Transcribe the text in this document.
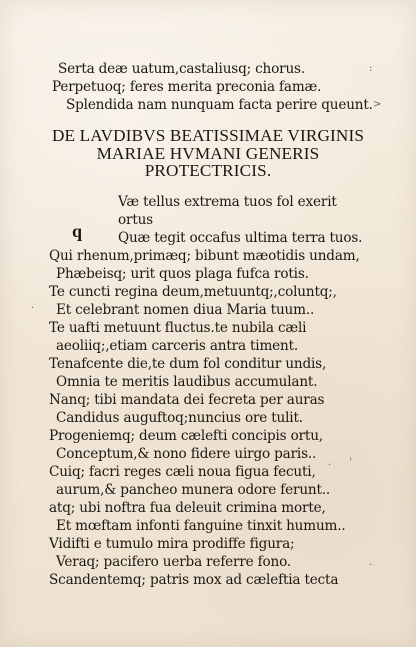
Serta deæ uatum,castaliusq; chorus.
Perpetuoq; feres merita preconia famæ.
Splendida nam nunquam facta perire queunt.
DE LAVDIBVS BEATISSIMAE VIRGINIS
MARIAE HVMANI GENERIS
PROTECTRICIS.
q
Væ tellus extrema tuos fol exerit
ortus
Quæ tegit occafus ultima terra tuos.
Qui rhenum,primæq; bibunt mæotidis undam,
Phæbeisq; urit quos plaga fufca rotis.
Te cuncti regina deum,metuuntq;,coluntq;,
Et celebrant nomen diua Maria tuum..
Te uafti metuunt fluctus.te nubila cæli
aeoliiq;,etiam carceris antra timent.
Tenafcente die,te dum fol conditur undis,
Omnia te meritis laudibus accumulant.
Nanq; tibi mandata dei fecreta per auras
Candidus auguftoq;nuncius ore tulit.
Progeniemq; deum cælefti concipis ortu,
Conceptum,& nono fidere uirgo paris..
Cuiq; facri reges cæli noua figua fecuti,
aurum,& pancheo munera odore ferunt..
atq; ubi noftra fua deleuit crimina morte,
Et mœftam infonti fanguine tinxit humum..
Vidifti e tumulo mira prodiffe figura;
Veraq; pacifero uerba referre fono.
Scandentemq; patris mox ad cæleftia tecta
:
>
.
. '
·
